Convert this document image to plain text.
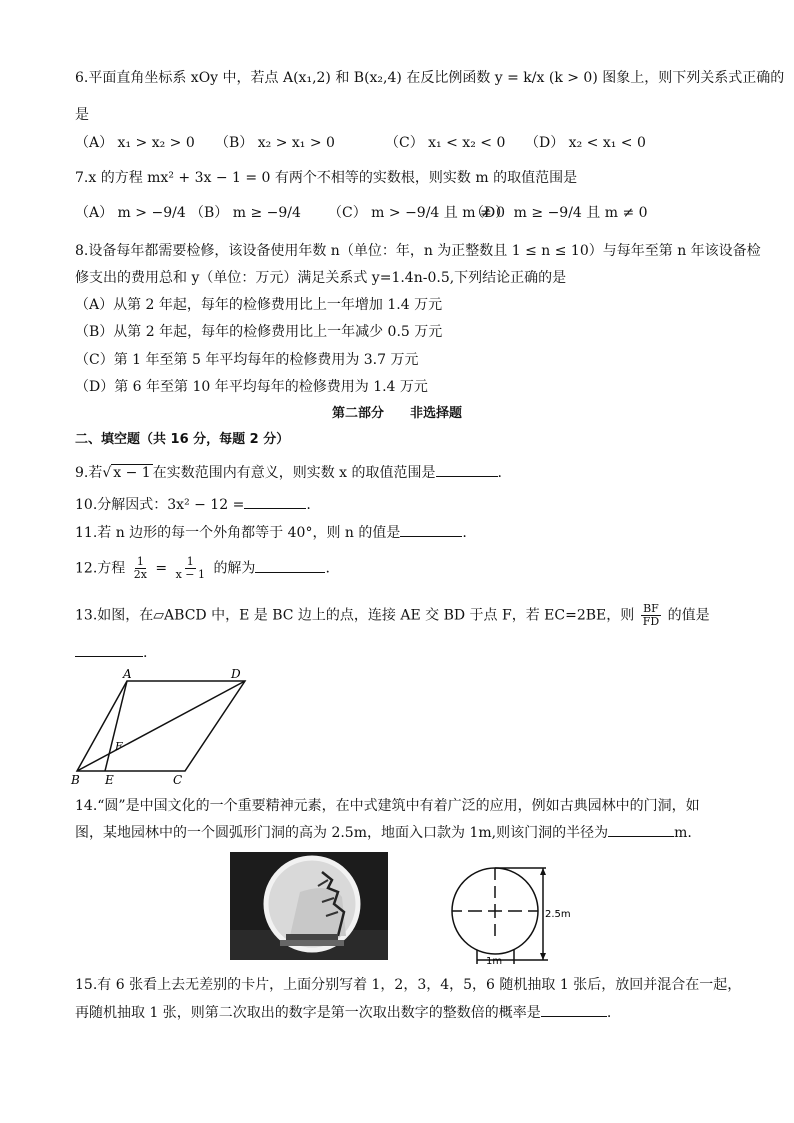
6.平面直角坐标系 xOy 中，若点 A(x₁,2) 和 B(x₂,4) 在反比例函数 y = k/x (k > 0) 图象上，则下列关系式正确的
是
（A） x₁ > x₂ > 0 （B） x₂ > x₁ > 0	（C） x₁ < x₂ < 0 （D） x₂ < x₁ < 0
7.x 的方程 mx² + 3x − 1 = 0 有两个不相等的实数根，则实数 m 的取值范围是
（A） m > −9/4 （B） m ≥ −9/4 （C） m > −9/4 且 m ≠ 0
（D） m ≥ −9/4 且 m ≠ 0
8.设备每年都需要检修，该设备使用年数 n（单位：年，n 为正整数且 1 ≤ n ≤ 10）与每年至第 n 年该设备检
修支出的费用总和 y（单位：万元）满足关系式 y=1.4n-0.5,下列结论正确的是
（A）从第 2 年起，每年的检修费用比上一年增加 1.4 万元
（B）从第 2 年起，每年的检修费用比上一年减少 0.5 万元
（C）第 1 年至第 5 年平均每年的检修费用为 3.7 万元
（D）第 6 年至第 10 年平均每年的检修费用为 1.4 万元
第二部分　　非选择题
二、填空题（共 16 分，每题 2 分）
9.若√ x − 1 在实数范围内有意义，则实数 x 的取值范围是	.
10.分解因式：3x² − 12 =	.
11.若 n 边形的每一个外角都等于 40°，则 n 的值是	.
12.方程 $\frac{1}{2x} = \frac{1}{x - 1}$ 的解为	.
13.如图，在▱ABCD 中，E 是 BC 边上的点，连接 AE 交 BD 于点 F，若 EC=2BE，则 $\frac{BF}{FD}$ 的值是
.
A	D
B E	C
F
14.“圆”是中国文化的一个重要精神元素，在中式建筑中有着广泛的应用，例如古典园林中的门洞，如
图，某地园林中的一个圆弧形门洞的高为 2.5m，地面入口款为 1m,则该门洞的半径为	m.
2.5m
1m
15.有 6 张看上去无差别的卡片，上面分别写着 1，2，3，4，5，6 随机抽取 1 张后，放回并混合在一起，
再随机抽取 1 张，则第二次取出的数字是第一次取出数字的整数倍的概率是	.
